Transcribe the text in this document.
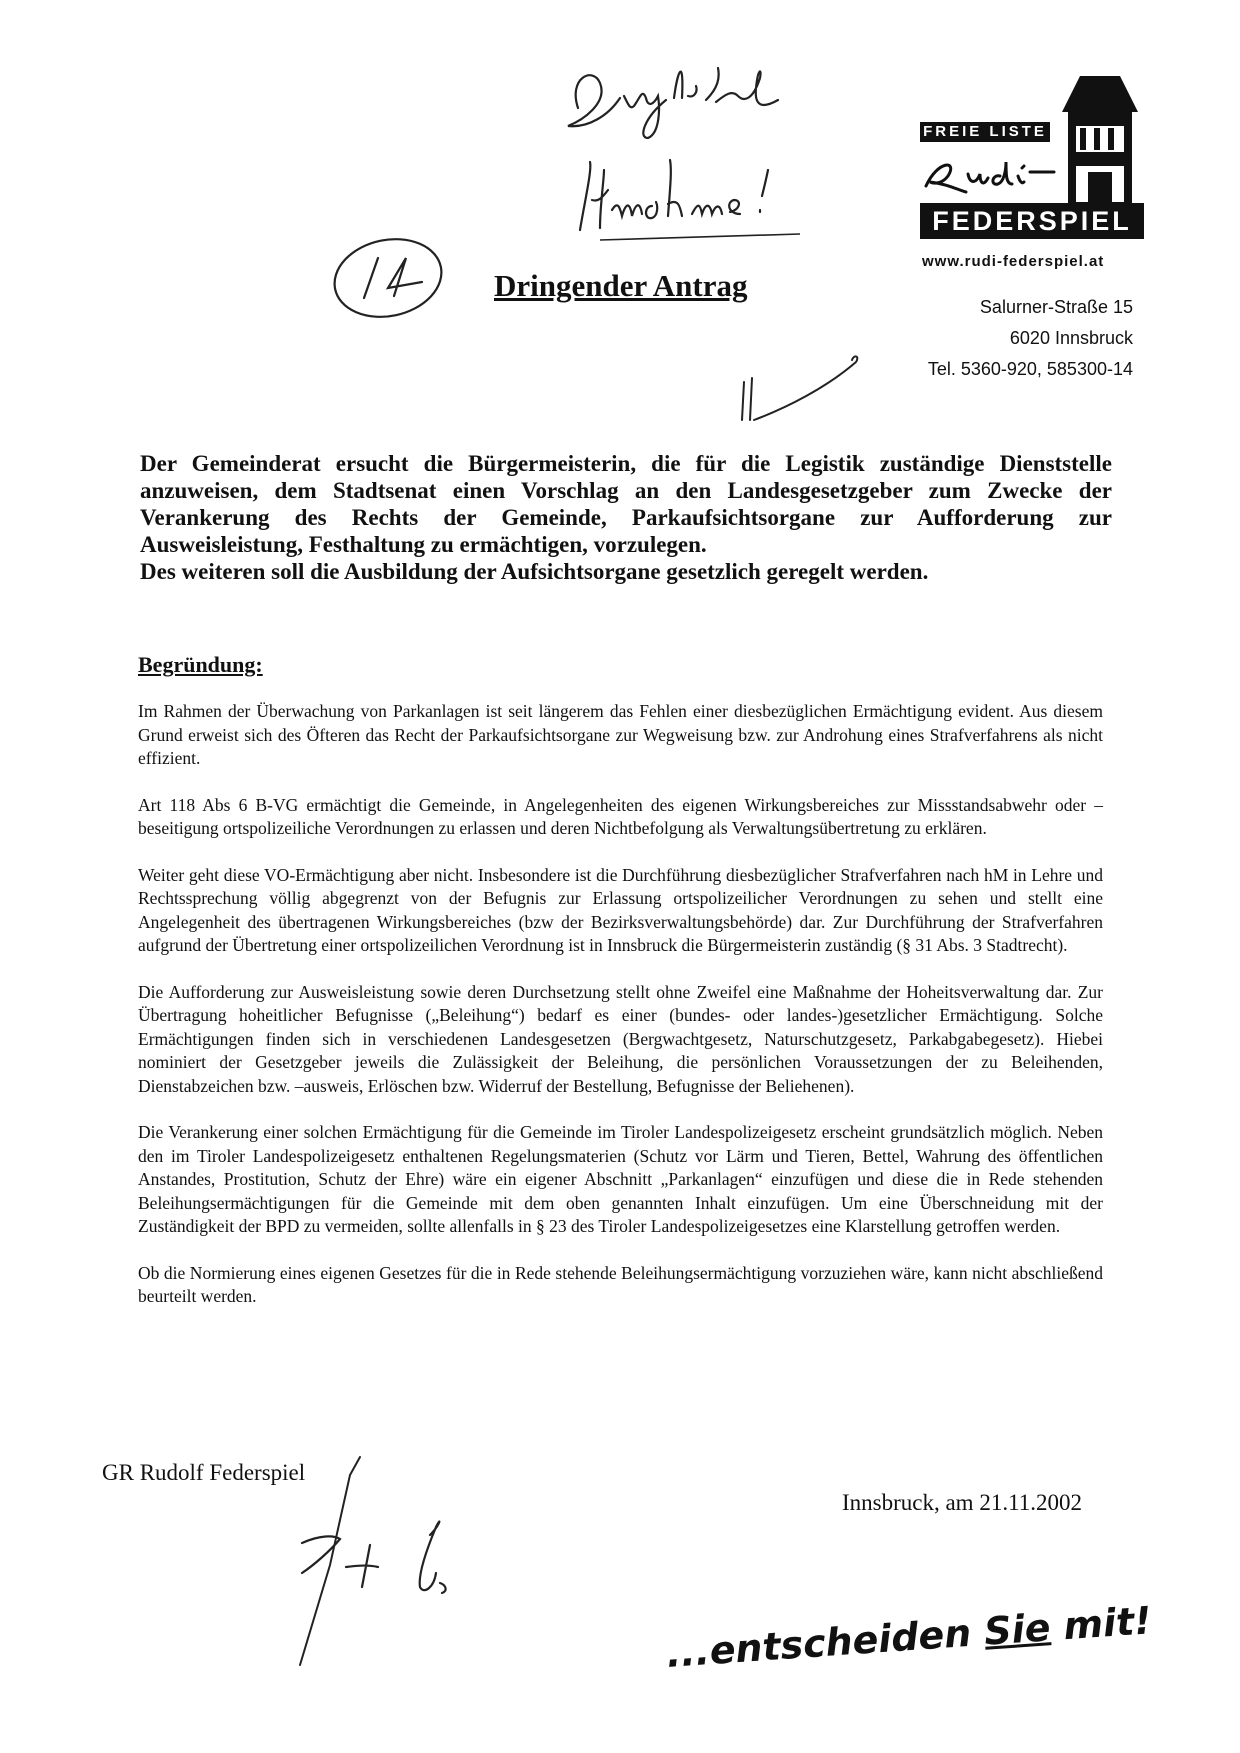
FREIE LISTE
FEDERSPIEL
www.rudi-federspiel.at
Salurner-Straße 15
6020 Innsbruck
Tel. 5360-920, 585300-14
Dringender Antrag

Der Gemeinderat ersucht die Bürgermeisterin, die für die Legistik zuständige Dienststelle anzuweisen, dem Stadtsenat einen Vorschlag an den Landesgesetzgeber zum Zwecke der Verankerung des Rechts der Gemeinde, Parkaufsichtsorgane zur Aufforderung zur Ausweisleistung, Festhaltung zu ermächtigen, vorzulegen.

Des weiteren soll die Ausbildung der Aufsichtsorgane gesetzlich geregelt werden.

Begründung:

Im Rahmen der Überwachung von Parkanlagen ist seit längerem das Fehlen einer diesbezüglichen Ermächtigung evident. Aus diesem Grund erweist sich des Öfteren das Recht der Parkaufsichtsorgane zur Wegweisung bzw. zur Androhung eines Strafverfahrens als nicht effizient.

Art 118 Abs 6 B-VG ermächtigt die Gemeinde, in Angelegenheiten des eigenen Wirkungsbereiches zur Missstandsabwehr oder –beseitigung ortspolizeiliche Verordnungen zu erlassen und deren Nichtbefolgung als Verwaltungsübertretung zu erklären.

Weiter geht diese VO-Ermächtigung aber nicht. Insbesondere ist die Durchführung diesbezüglicher Strafverfahren nach hM in Lehre und Rechtssprechung völlig abgegrenzt von der Befugnis zur Erlassung ortspolizeilicher Verordnungen zu sehen und stellt eine Angelegenheit des übertragenen Wirkungsbereiches (bzw der Bezirksverwaltungsbehörde) dar. Zur Durchführung der Strafverfahren aufgrund der Übertretung einer ortspolizeilichen Verordnung ist in Innsbruck die Bürgermeisterin zuständig (§ 31 Abs. 3 Stadtrecht).

Die Aufforderung zur Ausweisleistung sowie deren Durchsetzung stellt ohne Zweifel eine Maßnahme der Hoheitsverwaltung dar. Zur Übertragung hoheitlicher Befugnisse („Beleihung“) bedarf es einer (bundes- oder landes-)gesetzlicher Ermächtigung. Solche Ermächtigungen finden sich in verschiedenen Landesgesetzen (Bergwachtgesetz, Naturschutzgesetz, Parkabgabegesetz). Hiebei nominiert der Gesetzgeber jeweils die Zulässigkeit der Beleihung, die persönlichen Voraussetzungen der zu Beleihenden, Dienstabzeichen bzw. –ausweis, Erlöschen bzw. Widerruf der Bestellung, Befugnisse der Beliehenen).

Die Verankerung einer solchen Ermächtigung für die Gemeinde im Tiroler Landespolizeigesetz erscheint grundsätzlich möglich. Neben den im Tiroler Landespolizeigesetz enthaltenen Regelungsmaterien (Schutz vor Lärm und Tieren, Bettel, Wahrung des öffentlichen Anstandes, Prostitution, Schutz der Ehre) wäre ein eigener Abschnitt „Parkanlagen“ einzufügen und diese die in Rede stehenden Beleihungsermächtigungen für die Gemeinde mit dem oben genannten Inhalt einzufügen. Um eine Überschneidung mit der Zuständigkeit der BPD zu vermeiden, sollte allenfalls in § 23 des Tiroler Landespolizeigesetzes eine Klarstellung getroffen werden.

Ob die Normierung eines eigenen Gesetzes für die in Rede stehende Beleihungsermächtigung vorzuziehen wäre, kann nicht abschließend beurteilt werden.

GR Rudolf Federspiel
Innsbruck, am 21.11.2002
...entscheiden Sie mit!
